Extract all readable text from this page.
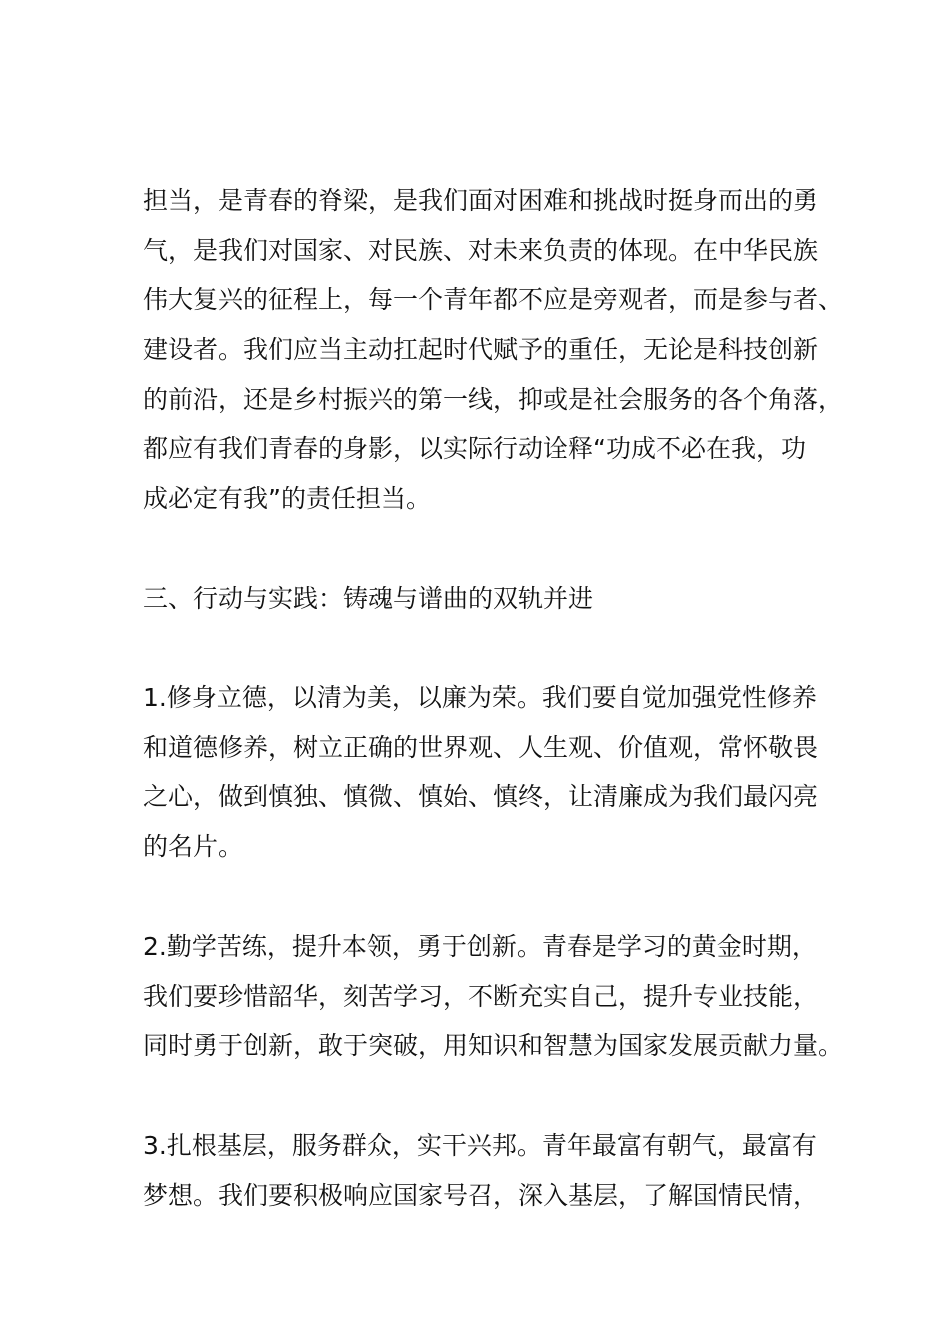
担当，是青春的脊梁，是我们面对困难和挑战时挺身而出的勇
气，是我们对国家、对民族、对未来负责的体现。在中华民族
伟大复兴的征程上，每一个青年都不应是旁观者，而是参与者、
建设者。我们应当主动扛起时代赋予的重任，无论是科技创新
的前沿，还是乡村振兴的第一线，抑或是社会服务的各个角落，
都应有我们青春的身影，以实际行动诠释“功成不必在我，功
成必定有我”的责任担当。
三、行动与实践：铸魂与谱曲的双轨并进
1.修身立德，以清为美，以廉为荣。我们要自觉加强党性修养
和道德修养，树立正确的世界观、人生观、价值观，常怀敬畏
之心，做到慎独、慎微、慎始、慎终，让清廉成为我们最闪亮
的名片。
2.勤学苦练，提升本领，勇于创新。青春是学习的黄金时期，
我们要珍惜韶华，刻苦学习，不断充实自己，提升专业技能，
同时勇于创新，敢于突破，用知识和智慧为国家发展贡献力量。
3.扎根基层，服务群众，实干兴邦。青年最富有朝气，最富有
梦想。我们要积极响应国家号召，深入基层，了解国情民情，
